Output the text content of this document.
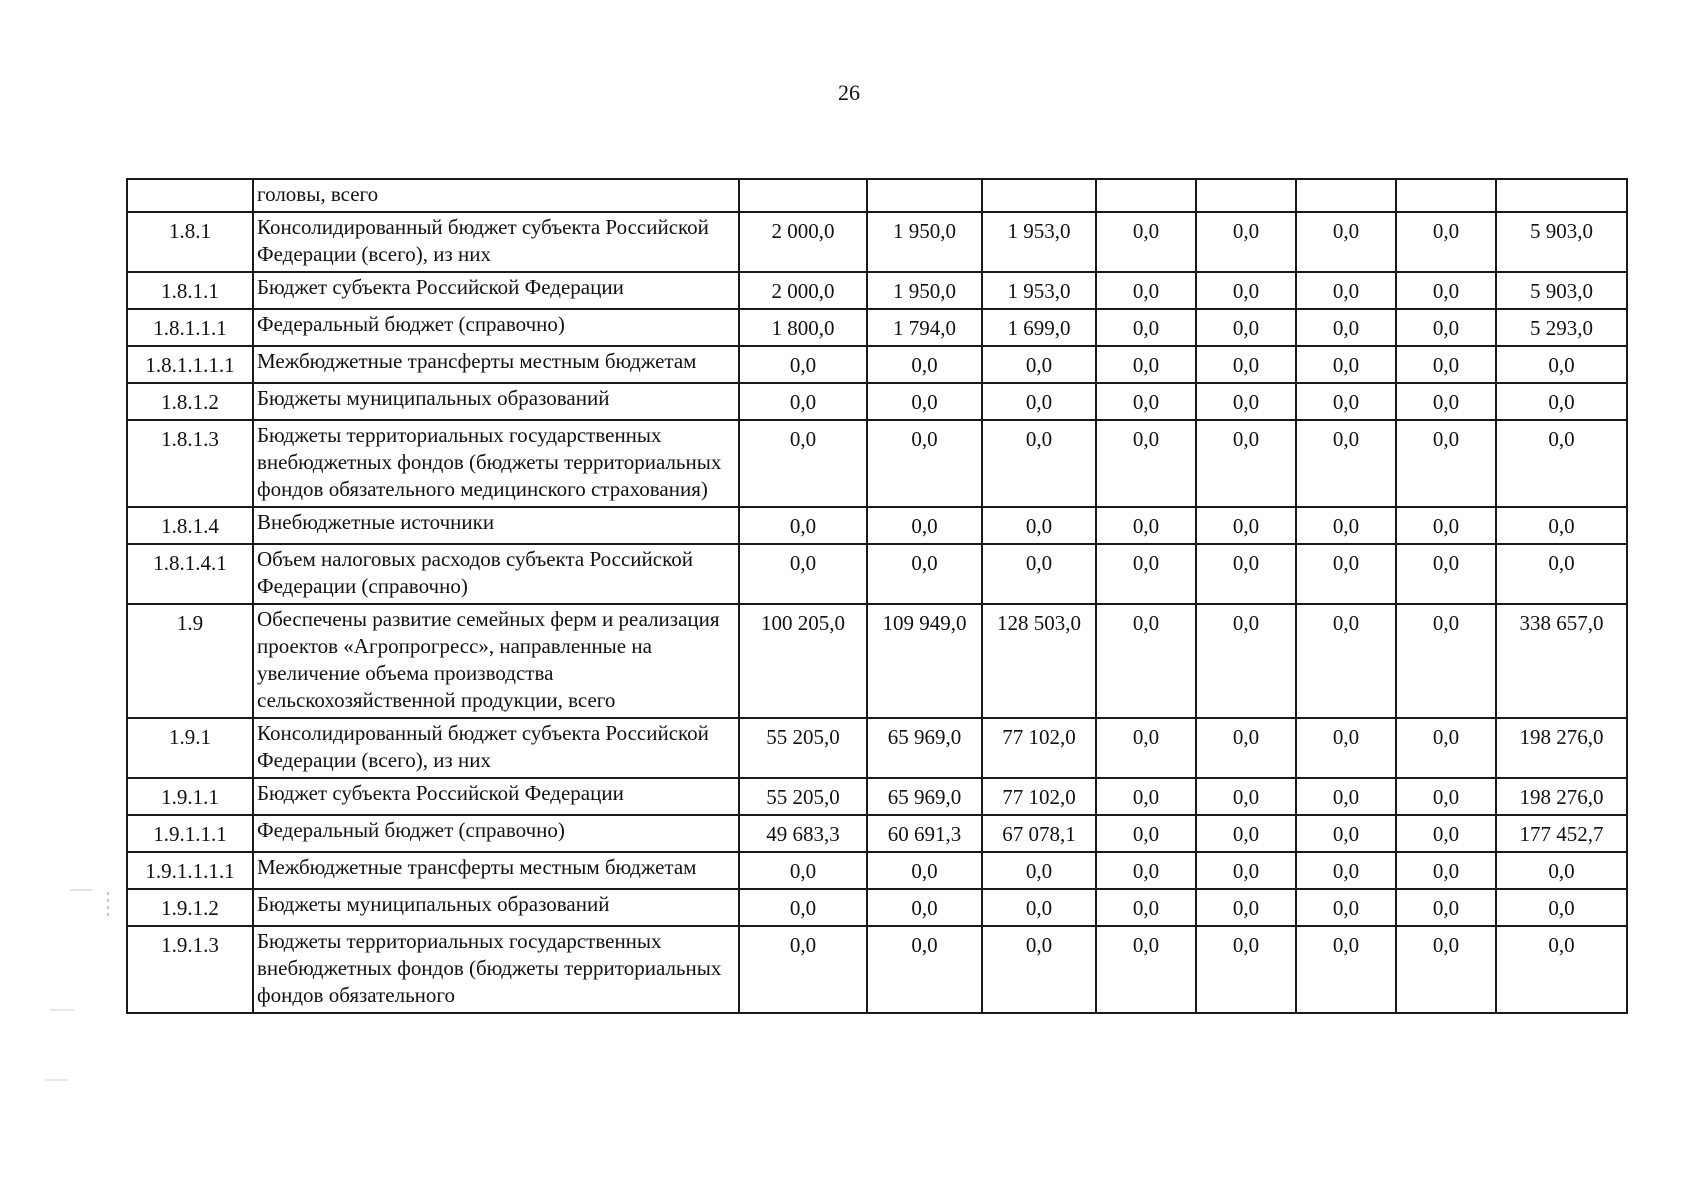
26
	головы, всего								
1.8.1	Консолидированный бюджет субъекта Российской Федерации (всего), из них	2 000,0	1 950,0	1 953,0	0,0	0,0	0,0	0,0	5 903,0
1.8.1.1	Бюджет субъекта Российской Федерации	2 000,0	1 950,0	1 953,0	0,0	0,0	0,0	0,0	5 903,0
1.8.1.1.1	Федеральный бюджет (справочно)	1 800,0	1 794,0	1 699,0	0,0	0,0	0,0	0,0	5 293,0
1.8.1.1.1.1	Межбюджетные трансферты местным бюджетам	0,0	0,0	0,0	0,0	0,0	0,0	0,0	0,0
1.8.1.2	Бюджеты муниципальных образований	0,0	0,0	0,0	0,0	0,0	0,0	0,0	0,0
1.8.1.3	Бюджеты территориальных государственных внебюджетных фондов (бюджеты территориальных фондов обязательного медицинского страхования)	0,0	0,0	0,0	0,0	0,0	0,0	0,0	0,0
1.8.1.4	Внебюджетные источники	0,0	0,0	0,0	0,0	0,0	0,0	0,0	0,0
1.8.1.4.1	Объем налоговых расходов субъекта Российской Федерации (справочно)	0,0	0,0	0,0	0,0	0,0	0,0	0,0	0,0
1.9	Обеспечены развитие семейных ферм и реализация проектов «Агропрогресс», направленные на увеличение объема производства сельскохозяйственной продукции, всего	100 205,0	109 949,0	128 503,0	0,0	0,0	0,0	0,0	338 657,0
1.9.1	Консолидированный бюджет субъекта Российской Федерации (всего), из них	55 205,0	65 969,0	77 102,0	0,0	0,0	0,0	0,0	198 276,0
1.9.1.1	Бюджет субъекта Российской Федерации	55 205,0	65 969,0	77 102,0	0,0	0,0	0,0	0,0	198 276,0
1.9.1.1.1	Федеральный бюджет (справочно)	49 683,3	60 691,3	67 078,1	0,0	0,0	0,0	0,0	177 452,7
1.9.1.1.1.1	Межбюджетные трансферты местным бюджетам	0,0	0,0	0,0	0,0	0,0	0,0	0,0	0,0
1.9.1.2	Бюджеты муниципальных образований	0,0	0,0	0,0	0,0	0,0	0,0	0,0	0,0
1.9.1.3	Бюджеты территориальных государственных внебюджетных фондов (бюджеты территориальных фондов обязательного	0,0	0,0	0,0	0,0	0,0	0,0	0,0	0,0
